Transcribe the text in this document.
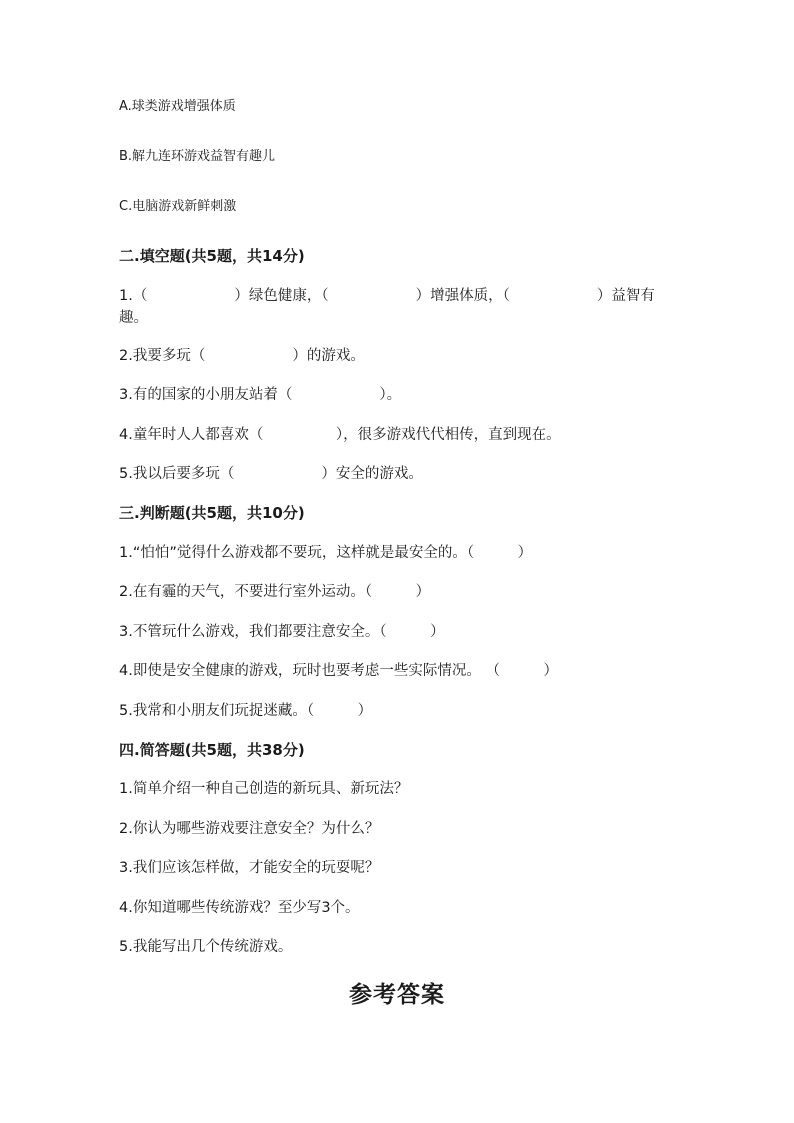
A.球类游戏增强体质
B.解九连环游戏益智有趣儿
C.电脑游戏新鲜刺激
二.填空题(共5题，共14分)
1.（　　　　　　）绿色健康，（　　　　　　）增强体质，（　　　　　　）益智有趣。
2.我要多玩（　　　　　　）的游戏。
3.有的国家的小朋友站着（　　　　　　）。
4.童年时人人都喜欢（　　　　　），很多游戏代代相传，直到现在。
5.我以后要多玩（　　　　　　）安全的游戏。
三.判断题(共5题，共10分)
1.“怕怕”觉得什么游戏都不要玩，这样就是最安全的。（　　　）
2.在有霾的天气，不要进行室外运动。（　　　）
3.不管玩什么游戏，我们都要注意安全。（　　　）
4.即使是安全健康的游戏，玩时也要考虑一些实际情况。 （　　　）
5.我常和小朋友们玩捉迷藏。（　　　）
四.简答题(共5题，共38分)
1.简单介绍一种自己创造的新玩具、新玩法？
2.你认为哪些游戏要注意安全？为什么？
3.我们应该怎样做，才能安全的玩耍呢？
4.你知道哪些传统游戏？至少写3个。
5.我能写出几个传统游戏。
参考答案
